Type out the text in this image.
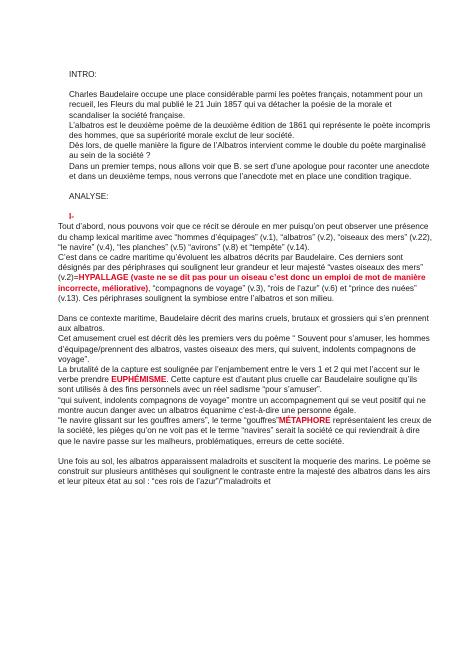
INTRO:

Charles Baudelaire occupe une place considérable parmi les poètes français, notamment pour un recueil, les Fleurs du mal publié le 21 Juin 1857 qui va détacher la poésie de la morale et scandaliser la société française.

L’albatros est le deuxième poème de la deuxième édition de 1861 qui représente le poète incompris des hommes, que sa supériorité morale exclut de leur société.

Dès lors, de quelle manière la figure de l’Albatros intervient comme le double du poète marginalisé au sein de la société ?

Dans un premier temps, nous allons voir que B. se sert d’une apologue pour raconter une anecdote et dans un deuxième temps, nous verrons que l’anecdote met en place une condition tragique.

ANALYSE:

I-

Tout d’abord, nous pouvons voir que ce récit se déroule en mer puisqu’on peut observer une présence du champ lexical maritime avec “hommes d’équipages” (v.1), “albatros” (v.2), “oiseaux des mers” (v.22), “le navire” (v.4), “les planches” (v.5) “avirons” (v.8) et “tempête” (v.14).

C’est dans ce cadre maritime qu’évoluent les albatros décrits par Baudelaire. Ces derniers sont désignés par des périphrases qui soulignent leur grandeur et leur majesté “vastes oiseaux des mers” (v.2)=HYPALLAGE (vaste ne se dit pas pour un oiseau c’est donc un emploi de mot de manière incorrecte, méliorative), “compagnons de voyage” (v.3), “rois de l’azur” (v.6) et “prince des nuées” (v.13). Ces périphrases soulignent la symbiose entre l’albatros et son milieu.

Dans ce contexte maritime, Baudelaire décrit des marins cruels, brutaux et grossiers qui s’en prennent aux albatros.

Cet amusement cruel est décrit dès les premiers vers du poème “ Souvent pour s’amuser, les hommes d’équipage/prennent des albatros, vastes oiseaux des mers, qui suivent, indolents compagnons de voyage”.

La brutalité de la capture est soulignée par l’enjambement entre le vers 1 et 2 qui met l’accent sur le verbe prendre EUPHÉMISME. Cette capture est d’autant plus cruelle car Baudelaire souligne qu’ils sont utilisés à des fins personnels avec un réel sadisme “pour s’amuser”.

“qui suivent, indolents compagnons de voyage” montre un accompagnement qui se veut positif qui ne montre aucun danger avec un albatros équanime c’est-à-dire une personne égale.

“le navire glissant sur les gouffres amers”, le terme “gouffres”MÉTAPHORE représentaient les creux de la société, les pièges qu’on ne voit pas et le terme “navires” serait la société ce qui reviendrait à dire que le navire passe sur les malheurs, problématiques, erreurs de cette société.

Une fois au sol, les albatros apparaissent maladroits et suscitent la moquerie des marins. Le poème se construit sur plusieurs antithèses qui soulignent le contraste entre la majesté des albatros dans les airs et leur piteux état au sol : “ces rois de l’azur”/”maladroits et
